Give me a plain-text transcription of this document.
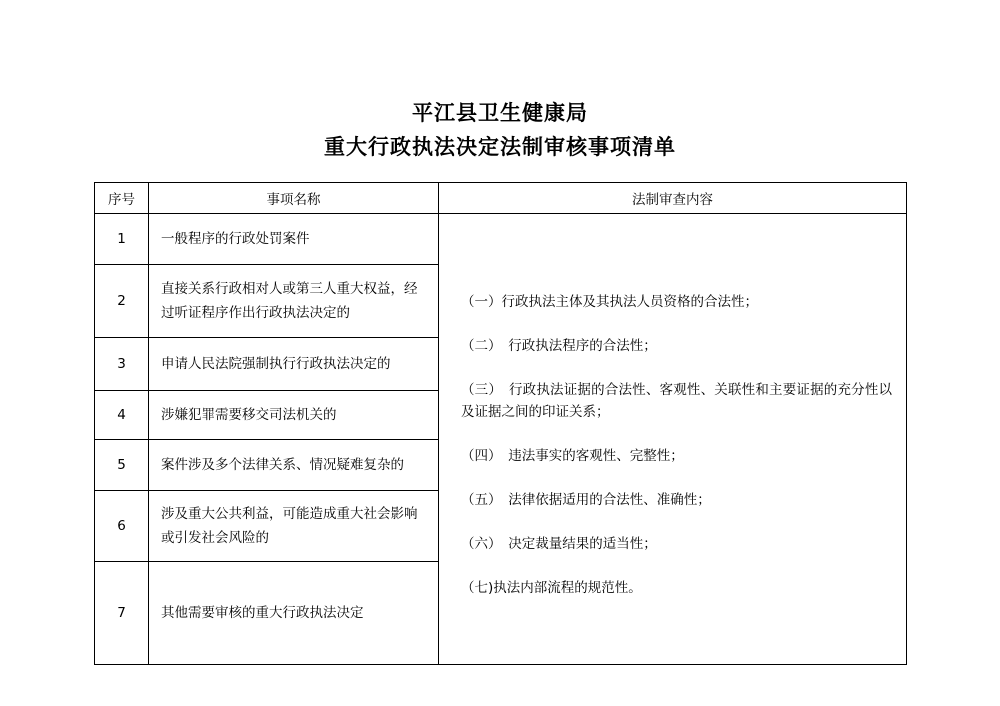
平江县卫生健康局
重大行政执法决定法制审核事项清单
序号	事项名称	法制审查内容
1	一般程序的行政处罚案件	

（一）行政执法主体及其执法人员资格的合法性；

（二）　行政执法程序的合法性；

（三）　行政执法证据的合法性、客观性、关联性和主要证据的充分性以及证据之间的印证关系；

（四）　违法事实的客观性、完整性；

（五）　法律依据适用的合法性、准确性；

（六）　决定裁量结果的适当性；

（七)执法内部流程的规范性。

2	直接关系行政相对人或第三人重大权益，经过听证程序作出行政执法决定的	
3	申请人民法院强制执行行政执法决定的	
4	涉嫌犯罪需要移交司法机关的	
5	案件涉及多个法律关系、情况疑难复杂的	
6	涉及重大公共利益，可能造成重大社会影响或引发社会风险的	
7	其他需要审核的重大行政执法决定	
